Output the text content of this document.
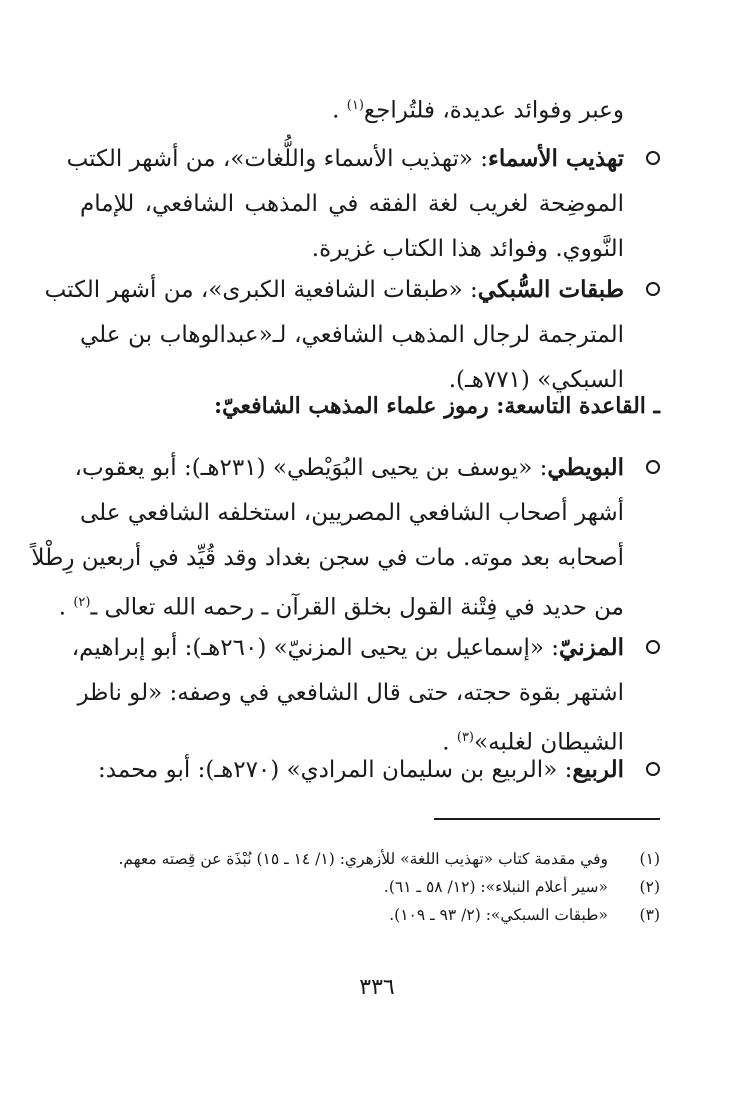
وعبر وفوائد عديدة، فلتُراجع$^{(١)}$ .
تهذيب الأسماء: «تهذيب الأسماء واللُّغات»، من أشهر الكتب
الموضِحة لغريب لغة الفقه في المذهب الشافعي، للإمام
النَّووي. وفوائد هذا الكتاب غزيرة.
طبقات السُّبكي: «طبقات الشافعية الكبرى»، من أشهر الكتب
المترجمة لرجال المذهب الشافعي، لـ«عبدالوهاب بن علي
السبكي» (٧٧١هـ).
ـ القاعدة التاسعة: رموز علماء المذهب الشافعيّ:
البويطي: «يوسف بن يحيى البُوَيْطي» (٢٣١هـ): أبو يعقوب،
أشهر أصحاب الشافعي المصريين، استخلفه الشافعي على
أصحابه بعد موته. مات في سجن بغداد وقد قُيِّد في أربعين رِطْلاً
من حديد في فِتْنة القول بخلق القرآن ـ رحمه الله تعالى ـ$^{(٢)}$ .
المزنيّ: «إسماعيل بن يحيى المزنيّ» (٢٦٠هـ): أبو إبراهيم،
اشتهر بقوة حجته، حتى قال الشافعي في وصفه: «لو ناظر
الشيطان لغلبه»$^{(٣)}$ .
الربيع: «الربيع بن سليمان المرادي» (٢٧٠هـ): أبو محمد:
(١)وفي مقدمة كتاب «تهذيب اللغة» للأزهري: (١/ ١٤ ـ ١٥) نُبْذَة عن قِصته معهم.
(٢)«سير أعلام النبلاء»: (١٢/ ٥٨ ـ ٦١).
(٣)«طبقات السبكي»: (٢/ ٩٣ ـ ١٠٩).
٣٣٦
